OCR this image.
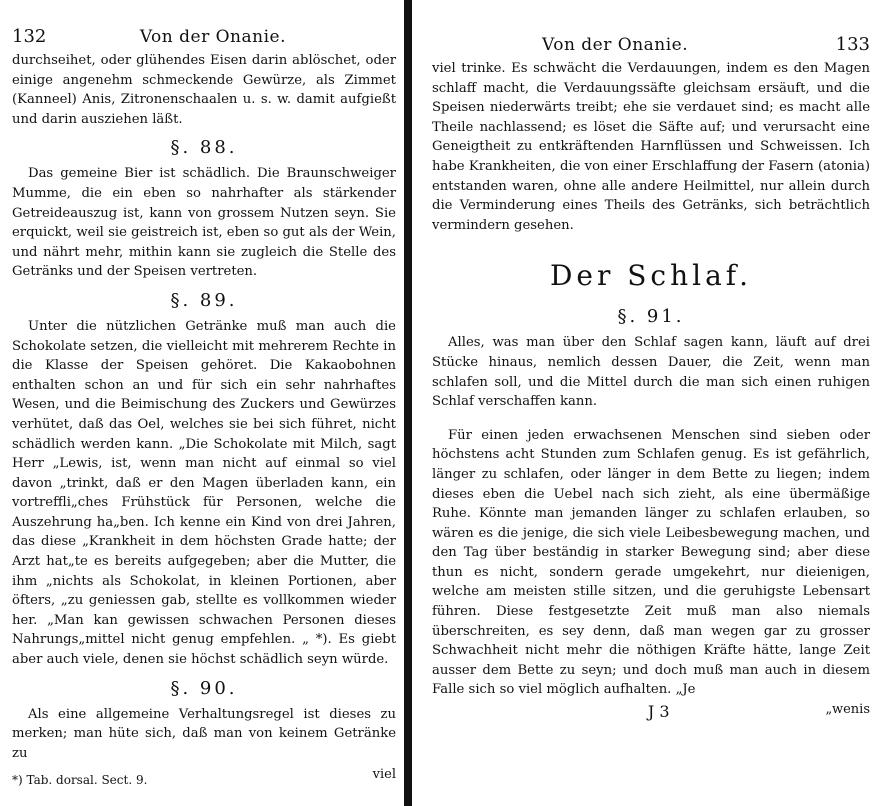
132	Von der Onanie.

durchseihet, oder glühendes Eisen darin ablöschet, oder einige angenehm schmeckende Gewürze, als Zimmet (Kanneel) Anis, Zitronenschaalen u. s. w. damit aufgießt und darin ausziehen läßt.

§. 88.

Das gemeine Bier ist schädlich. Die Braunschweiger Mumme, die ein eben so nahrhafter als stärkender Getreideauszug ist, kann von grossem Nutzen seyn. Sie erquickt, weil sie geistreich ist, eben so gut als der Wein, und nährt mehr, mithin kann sie zugleich die Stelle des Getränks und der Speisen vertreten.

§. 89.

Unter die nützlichen Getränke muß man auch die Schokolate setzen, die vielleicht mit mehrerem Rechte in die Klasse der Speisen gehöret. Die Kakaobohnen enthalten schon an und für sich ein sehr nahrhaftes Wesen, und die Beimischung des Zuckers und Gewürzes verhütet, daß das Oel, welches sie bei sich führet, nicht schädlich werden kann. „Die Schokolate mit Milch, sagt Herr „Lewis, ist, wenn man nicht auf einmal so viel davon „trinkt, daß er den Magen überladen kann, ein vortreffli„ches Frühstück für Personen, welche die Auszehrung ha„ben. Ich kenne ein Kind von drei Jahren, das diese „Krankheit in dem höchsten Grade hatte; der Arzt hat„te es bereits aufgegeben; aber die Mutter, die ihm „nichts als Schokolat, in kleinen Portionen, aber öfters, „zu geniessen gab, stellte es vollkommen wieder her. „Man kan gewissen schwachen Personen dieses Nahrungs„mittel nicht genug empfehlen. „ *). Es giebt aber auch viele, denen sie höchst schädlich seyn würde.

§. 90.

Als eine allgemeine Verhaltungsregel ist dieses zu merken; man hüte sich, daß man von keinem Getränke zu

*) Tab. dorsal. Sect. 9.	viel
Von der Onanie.	133

viel trinke. Es schwächt die Verdauungen, indem es den Magen schlaff macht, die Verdauungssäfte gleichsam ersäuft, und die Speisen niederwärts treibt; ehe sie verdauet sind; es macht alle Theile nachlassend; es löset die Säfte auf; und verursacht eine Geneigtheit zu entkräftenden Harnflüssen und Schweissen. Ich habe Krankheiten, die von einer Erschlaffung der Fasern (atonia) entstanden waren, ohne alle andere Heilmittel, nur allein durch die Verminderung eines Theils des Getränks, sich beträchtlich vermindern gesehen.

Der Schlaf.
§. 91.

Alles, was man über den Schlaf sagen kann, läuft auf drei Stücke hinaus, nemlich dessen Dauer, die Zeit, wenn man schlafen soll, und die Mittel durch die man sich einen ruhigen Schlaf verschaffen kann.

Für einen jeden erwachsenen Menschen sind sieben oder höchstens acht Stunden zum Schlafen genug. Es ist gefährlich, länger zu schlafen, oder länger in dem Bette zu liegen; indem dieses eben die Uebel nach sich zieht, als eine übermäßige Ruhe. Könnte man jemanden länger zu schlafen erlauben, so wären es die jenige, die sich viele Leibesbewegung machen, und den Tag über beständig in starker Bewegung sind; aber diese thun es nicht, sondern gerade umgekehrt, nur dieienigen, welche am meisten stille sitzen, und die geruhigste Lebensart führen. Diese festgesetzte Zeit muß man also niemals überschreiten, es sey denn, daß man wegen gar zu grosser Schwachheit nicht mehr die nöthigen Kräfte hätte, lange Zeit ausser dem Bette zu seyn; und doch muß man auch in diesem Falle sich so viel möglich aufhalten. „Je

J 3	„wenis
